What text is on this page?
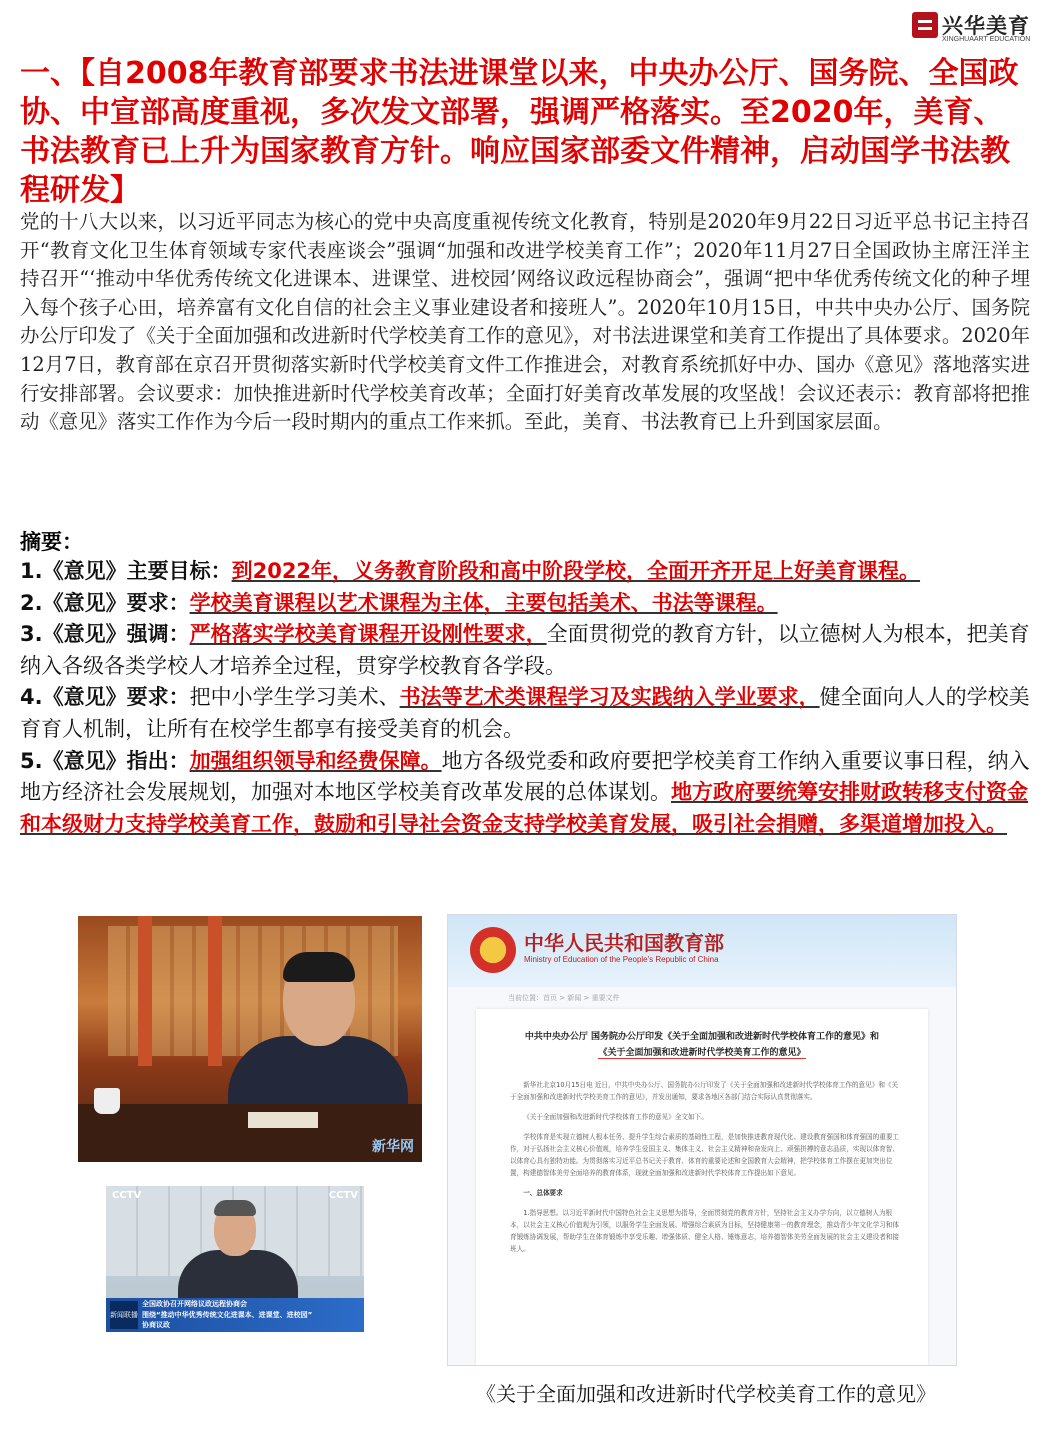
兴华美育
XINGHUAART EDUCATION
一、【自2008年教育部要求书法进课堂以来，中央办公厅、国务院、全国政协、中宣部高度重视，多次发文部署，强调严格落实。至2020年，美育、书法教育已上升为国家教育方针。响应国家部委文件精神，启动国学书法教程研发】
党的十八大以来，以习近平同志为核心的党中央高度重视传统文化教育，特别是2020年9月22日习近平总书记主持召开“教育文化卫生体育领域专家代表座谈会”强调“加强和改进学校美育工作”；2020年11月27日全国政协主席汪洋主持召开“‘推动中华优秀传统文化进课本、进课堂、进校园’网络议政远程协商会”，强调“把中华优秀传统文化的种子埋入每个孩子心田，培养富有文化自信的社会主义事业建设者和接班人”。2020年10月15日，中共中央办公厅、国务院办公厅印发了《关于全面加强和改进新时代学校美育工作的意见》，对书法进课堂和美育工作提出了具体要求。2020年12月7日，教育部在京召开贯彻落实新时代学校美育文件工作推进会，对教育系统抓好中办、国办《意见》落地落实进行安排部署。会议要求：加快推进新时代学校美育改革；全面打好美育改革发展的攻坚战！会议还表示：教育部将把推动《意见》落实工作作为今后一段时期内的重点工作来抓。至此，美育、书法教育已上升到国家层面。
摘要：

1.《意见》主要目标：到2022年，义务教育阶段和高中阶段学校，全面开齐开足上好美育课程。

2.《意见》要求：学校美育课程以艺术课程为主体，主要包括美术、书法等课程。

3.《意见》强调：严格落实学校美育课程开设刚性要求，全面贯彻党的教育方针，以立德树人为根本，把美育纳入各级各类学校人才培养全过程，贯穿学校教育各学段。

4.《意见》要求：把中小学生学习美术、书法等艺术类课程学习及实践纳入学业要求，健全面向人人的学校美育育人机制，让所有在校学生都享有接受美育的机会。

5.《意见》指出：加强组织领导和经费保障。地方各级党委和政府要把学校美育工作纳入重要议事日程，纳入地方经济社会发展规划，加强对本地区学校美育改革发展的总体谋划。地方政府要统筹安排财政转移支付资金和本级财力支持学校美育工作，鼓励和引导社会资金支持学校美育发展，吸引社会捐赠，多渠道增加投入。

新华网
CCTV	CCTV
新闻联播
全国政协召开网络议政远程协商会
围绕“推动中华优秀传统文化进课本、进课堂、进校园”
协商议政
中华人民共和国教育部
Ministry of Education of the People's Republic of China
当前位置：首页 > 新闻 > 重要文件
中共中央办公厅 国务院办公厅印发《关于全面加强和改进新时代学校体育工作的意见》和
《关于全面加强和改进新时代学校美育工作的意见》

新华社北京10月15日电 近日，中共中央办公厅、国务院办公厅印发了《关于全面加强和改进新时代学校体育工作的意见》和《关于全面加强和改进新时代学校美育工作的意见》，并发出通知，要求各地区各部门结合实际认真贯彻落实。

《关于全面加强和改进新时代学校体育工作的意见》全文如下。

学校体育是实现立德树人根本任务、提升学生综合素质的基础性工程，是加快推进教育现代化、建设教育强国和体育强国的重要工作，对于弘扬社会主义核心价值观，培养学生爱国主义、集体主义、社会主义精神和奋发向上、顽强拼搏的意志品质，实现以体育智、以体育心具有独特功能。为贯彻落实习近平总书记关于教育、体育的重要论述和全国教育大会精神，把学校体育工作摆在更加突出位置，构建德智体美劳全面培养的教育体系，现就全面加强和改进新时代学校体育工作提出如下意见。

一、总体要求

1.指导思想。以习近平新时代中国特色社会主义思想为指导，全面贯彻党的教育方针，坚持社会主义办学方向，以立德树人为根本，以社会主义核心价值观为引领，以服务学生全面发展、增强综合素质为目标，坚持健康第一的教育理念，推动青少年文化学习和体育锻炼协调发展，帮助学生在体育锻炼中享受乐趣、增强体质、健全人格、锤炼意志，培养德智体美劳全面发展的社会主义建设者和接班人。

《关于全面加强和改进新时代学校美育工作的意见》
